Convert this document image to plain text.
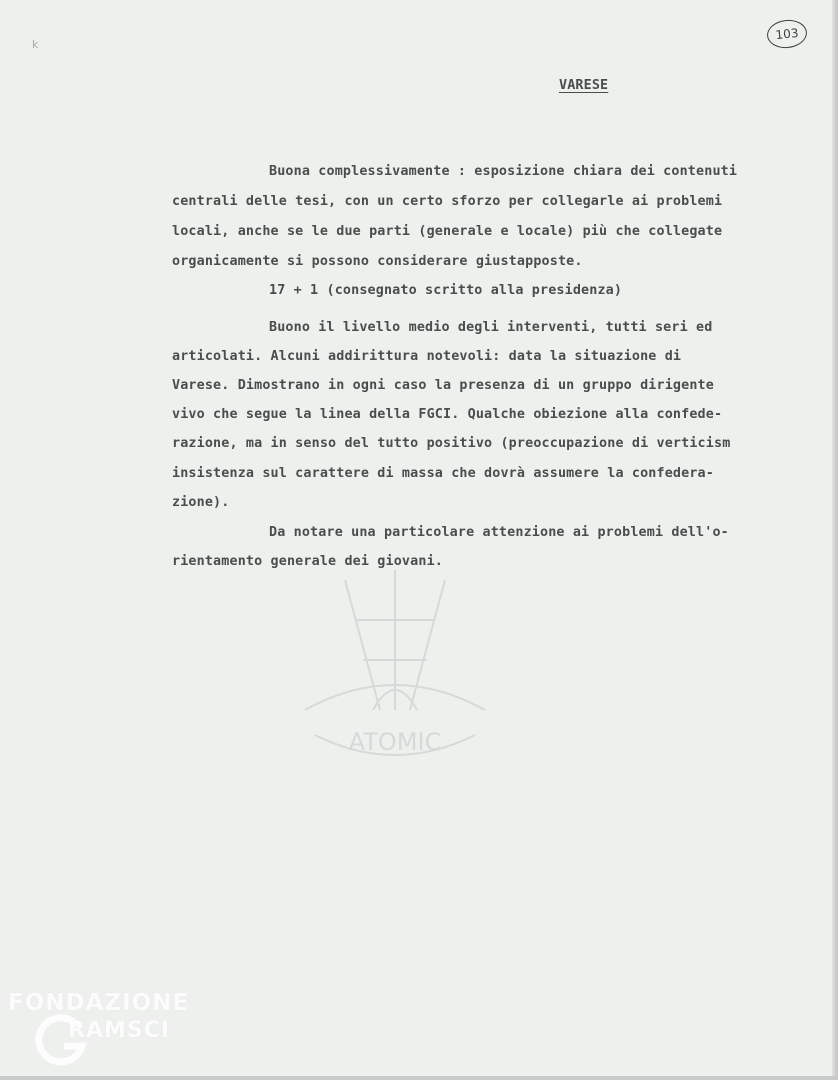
k
103
ATOMIC
VARESE
Buona complessivamente : esposizione chiara dei contenuti
centrali delle tesi, con un certo sforzo per collegarle ai problemi
locali, anche se le due parti (generale e locale) più che collegate
organicamente si possono considerare giustapposte.
17 + 1 (consegnato scritto alla presidenza)
Buono il livello medio degli interventi, tutti seri ed
articolati. Alcuni addirittura notevoli: data la situazione di
Varese. Dimostrano in ogni caso la presenza di un gruppo dirigente
vivo che segue la linea della FGCI. Qualche obiezione alla confede-
razione, ma in senso del tutto positivo (preoccupazione di verticism
insistenza sul carattere di massa che dovrà assumere la confedera-
zione).
Da notare una particolare attenzione ai problemi dell'o-
rientamento generale dei giovani.
FONDAZIONE
RAMSCI
